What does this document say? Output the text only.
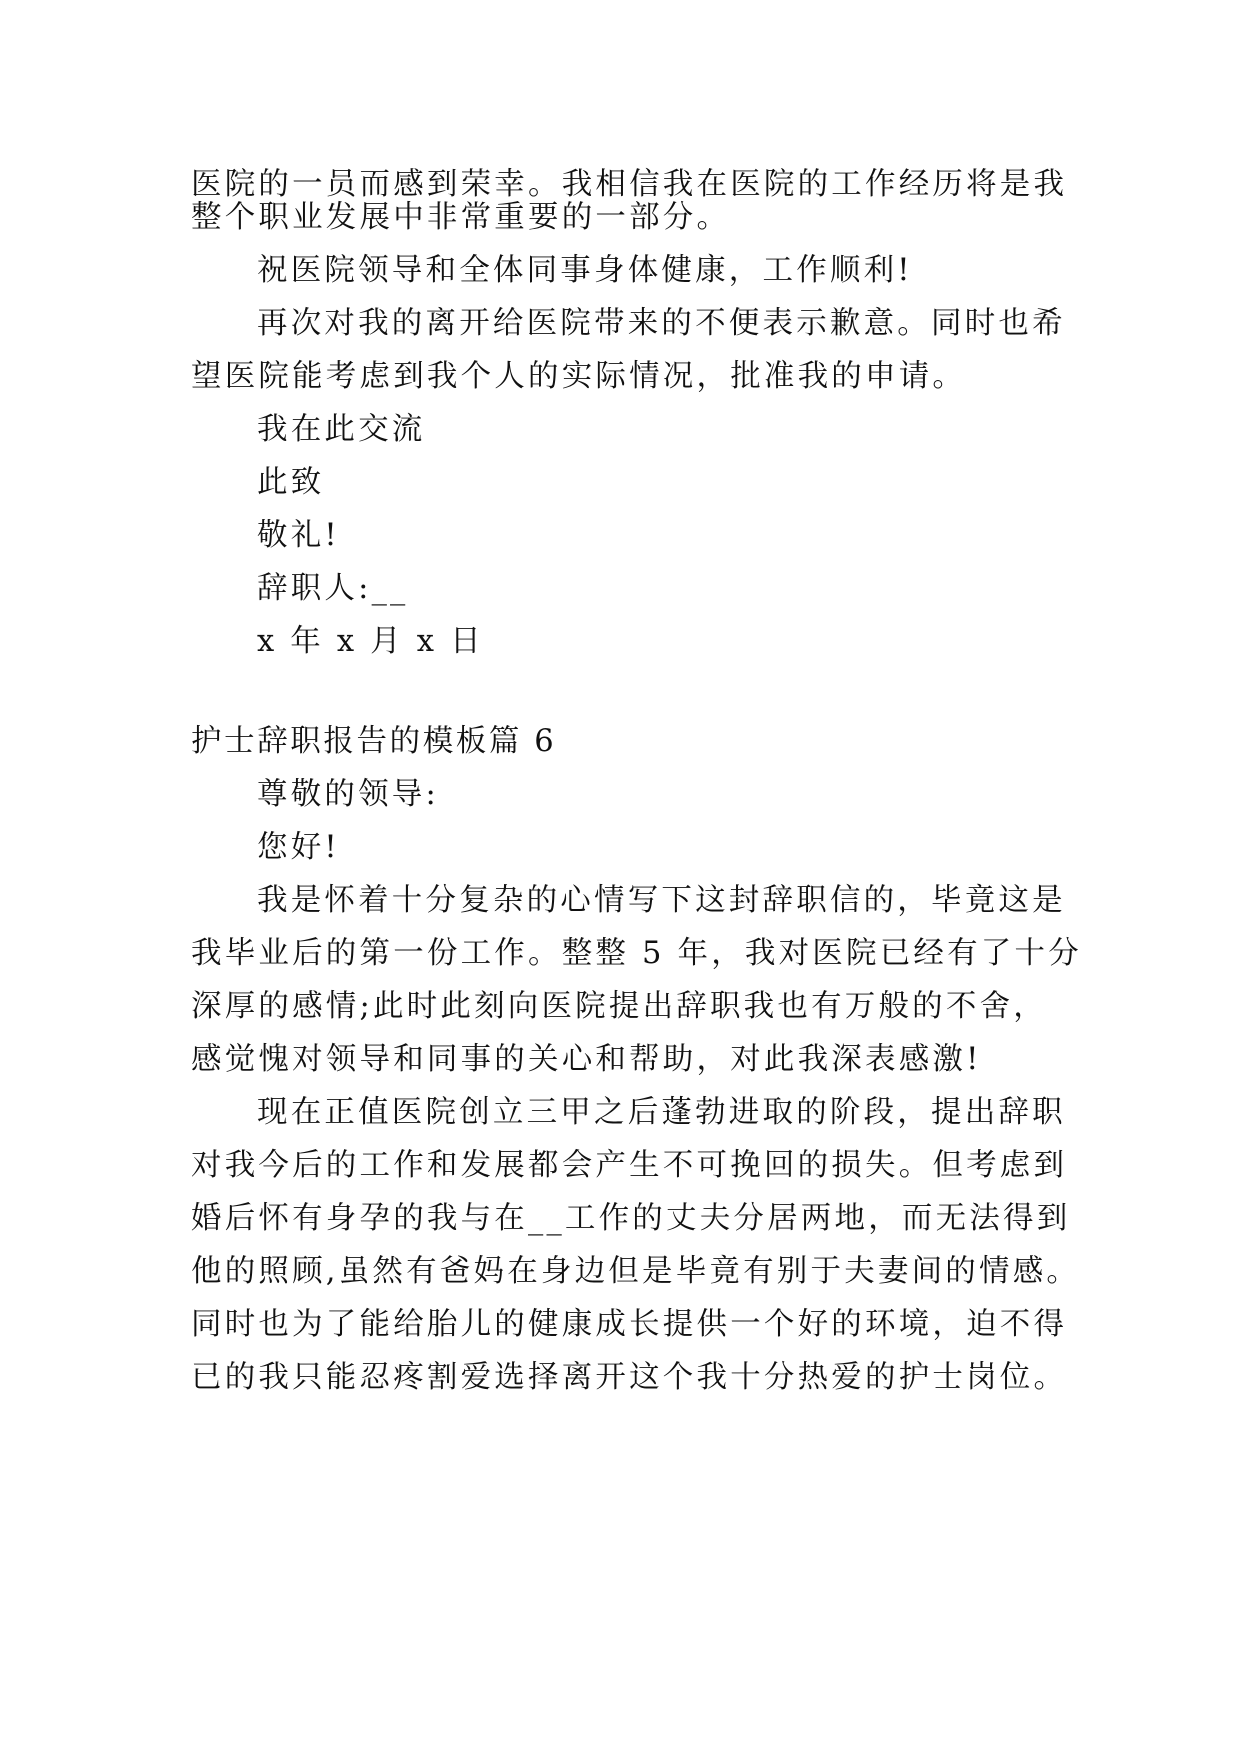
医院的一员而感到荣幸。我相信我在医院的工作经历将是我
整个职业发展中非常重要的一部分。
祝医院领导和全体同事身体健康，工作顺利!
再次对我的离开给医院带来的不便表示歉意。同时也希
望医院能考虑到我个人的实际情况，批准我的申请。
我在此交流
此致
敬礼!
辞职人:__
x 年 x 月 x 日
护士辞职报告的模板篇 6
尊敬的领导:
您好!
我是怀着十分复杂的心情写下这封辞职信的，毕竟这是
我毕业后的第一份工作。整整 5 年，我对医院已经有了十分
深厚的感情;此时此刻向医院提出辞职我也有万般的不舍，
感觉愧对领导和同事的关心和帮助，对此我深表感激!
现在正值医院创立三甲之后蓬勃进取的阶段，提出辞职
对我今后的工作和发展都会产生不可挽回的损失。但考虑到
婚后怀有身孕的我与在__工作的丈夫分居两地，而无法得到
他的照顾,虽然有爸妈在身边但是毕竟有别于夫妻间的情感。
同时也为了能给胎儿的健康成长提供一个好的环境，迫不得
已的我只能忍疼割爱选择离开这个我十分热爱的护士岗位。
